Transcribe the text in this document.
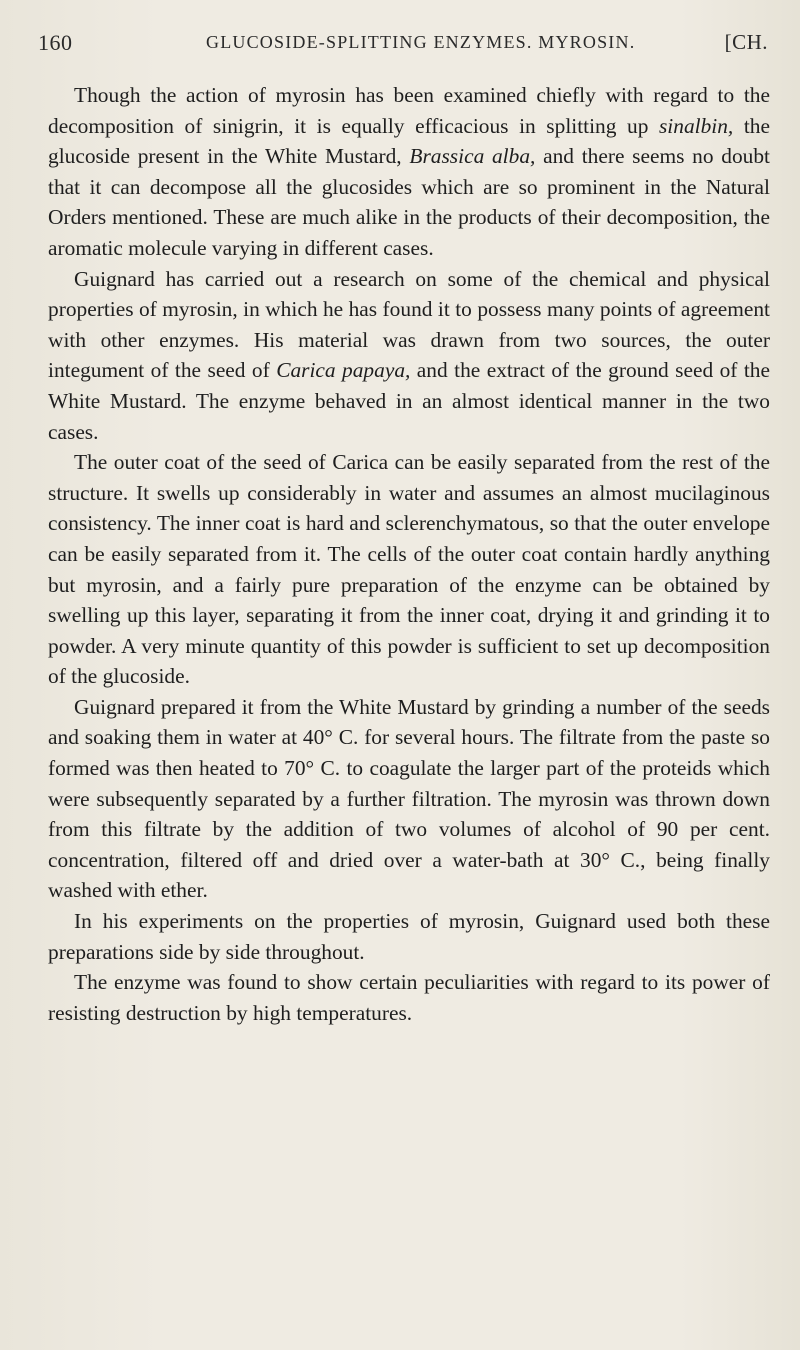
160	GLUCOSIDE-SPLITTING ENZYMES. MYROSIN.	[CH.

Though the action of myrosin has been examined chiefly with regard to the decomposition of sinigrin, it is equally efficacious in splitting up sinalbin, the glucoside present in the White Mustard, Brassica alba, and there seems no doubt that it can decompose all the glucosides which are so prominent in the Natural Orders mentioned. These are much alike in the products of their decomposition, the aromatic molecule varying in different cases.

Guignard has carried out a research on some of the chemical and physical properties of myrosin, in which he has found it to possess many points of agreement with other enzymes. His material was drawn from two sources, the outer integument of the seed of Carica papaya, and the extract of the ground seed of the White Mustard. The enzyme behaved in an almost identical manner in the two cases.

The outer coat of the seed of Carica can be easily separated from the rest of the structure. It swells up considerably in water and assumes an almost mucilaginous consistency. The inner coat is hard and sclerenchymatous, so that the outer envelope can be easily separated from it. The cells of the outer coat contain hardly anything but myrosin, and a fairly pure preparation of the enzyme can be obtained by swelling up this layer, separating it from the inner coat, drying it and grinding it to powder. A very minute quantity of this powder is sufficient to set up decomposition of the glucoside.

Guignard prepared it from the White Mustard by grinding a number of the seeds and soaking them in water at 40° C. for several hours. The filtrate from the paste so formed was then heated to 70° C. to coagulate the larger part of the proteids which were subsequently separated by a further filtration. The myrosin was thrown down from this filtrate by the addition of two volumes of alcohol of 90 per cent. concentration, filtered off and dried over a water-bath at 30° C., being finally washed with ether.

In his experiments on the properties of myrosin, Guignard used both these preparations side by side throughout.

The enzyme was found to show certain peculiarities with regard to its power of resisting destruction by high temperatures.
